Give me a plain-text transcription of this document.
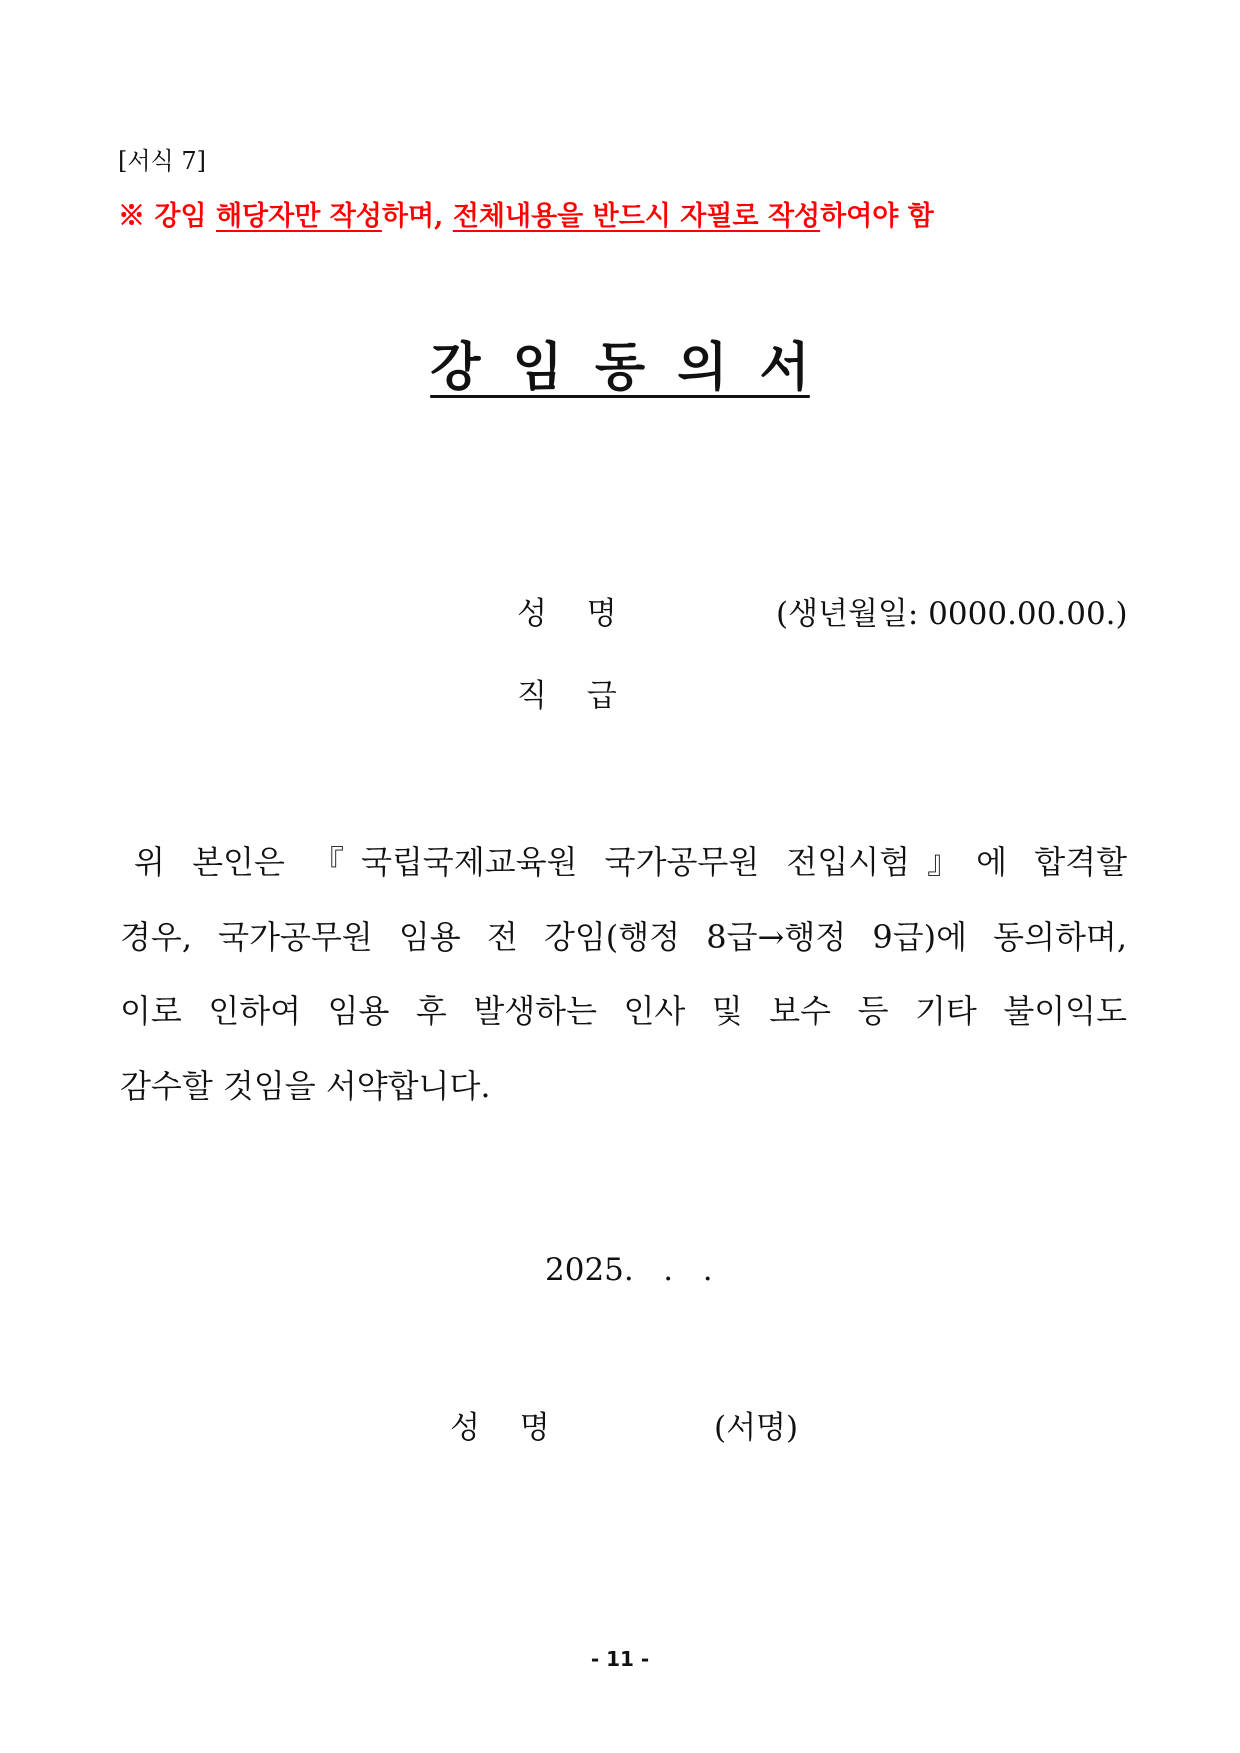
[서식 7]
※ 강임 해당자만 작성하며, 전체내용을 반드시 자필로 작성하여야 함
강 임 동 의 서
성 명	(생년월일: 0000.00.00.)
직 급
위 본인은 『국립국제교육원 국가공무원 전입시험』에 합격할
경우, 국가공무원 임용 전 강임(행정 8급→행정 9급)에 동의하며,
이로 인하여 임용 후 발생하는 인사 및 보수 등 기타 불이익도
감수할 것임을 서약합니다.
2025.   .   .
성 명	(서명)
- 11 -
